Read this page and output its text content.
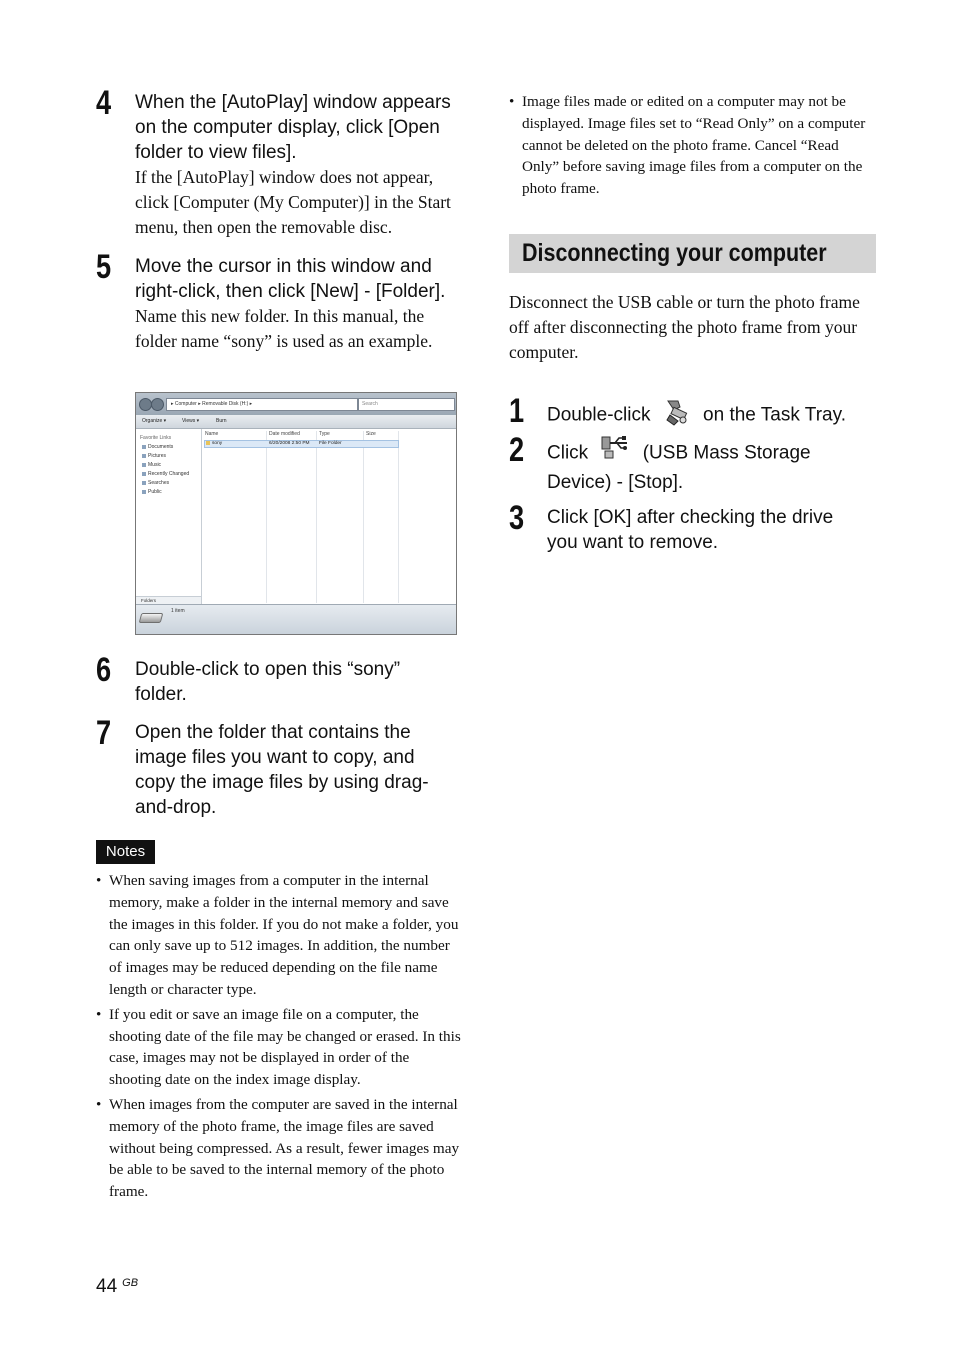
4 When the [AutoPlay] window appears on the computer display, click [Open folder to view files].
If the [AutoPlay] window does not appear, click [Computer (My Computer)] in the Start menu, then open the removable disc.
5 Move the cursor in this window and right-click, then click [New] - [Folder].
Name this new folder. In this manual, the folder name “sony” is used as an example.
▸ Computer ▸ Removable Disk (H:) ▸	Search
Organize ▾	Views ▾	Burn
Favorite Links
Documents
Pictures
Music
Recently Changed
Searches
Public
Folders
Name	Date modified	Type	Size
sony	6/20/2008 2:50 PM File Folder
1 item
6 Double-click to open this “sony” folder.
7 Open the folder that contains the image files you want to copy, and copy the image files by using drag-and-drop.
Notes
• When saving images from a computer in the internal memory, make a folder in the internal memory and save the images in this folder. If you do not make a folder, you can only save up to 512 images. In addition, the number of images may be reduced depending on the file name length or character type.
• If you edit or save an image file on a computer, the shooting date of the file may be changed or erased. In this case, images may not be displayed in order of the shooting date on the index image display.
• When images from the computer are saved in the internal memory of the photo frame, the image files are saved without being compressed. As a result, fewer images may be able to be saved to the internal memory of the photo frame.
• Image files made or edited on a computer may not be displayed. Image files set to “Read Only” on a computer cannot be deleted on the photo frame. Cancel “Read Only” before saving image files from a computer on the photo frame.
Disconnecting your computer
Disconnect the USB cable or turn the photo frame off after disconnecting the photo frame from your computer.
1 Double-click	on the Task Tray.
2 Click	(USB Mass Storage Device) - [Stop].
3 Click [OK] after checking the drive you want to remove.
44 $^{GB}$
